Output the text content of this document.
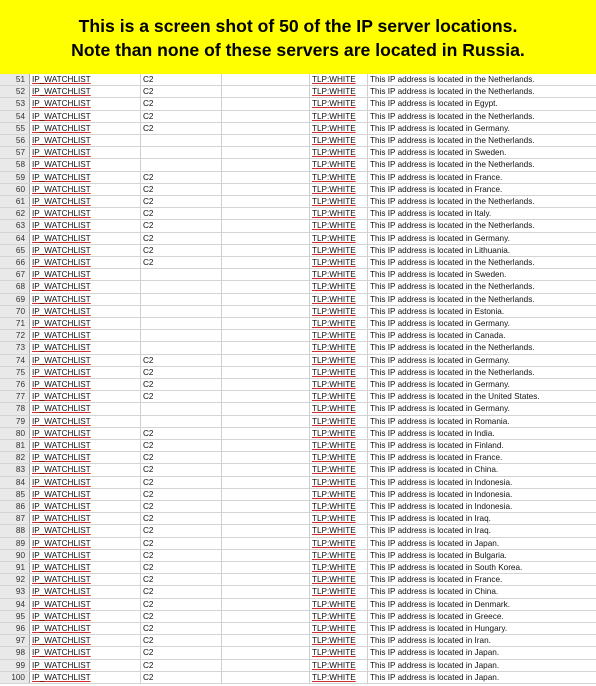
This is a screen shot of 50 of the IP server locations.
Note than none of these servers are located in Russia.
51 IP_WATCHLIST	C2	TLP:WHITE	This IP address is located in the Netherlands.
52 IP_WATCHLIST	C2	TLP:WHITE	This IP address is located in the Netherlands.
53 IP_WATCHLIST	C2	TLP:WHITE	This IP address is located in Egypt.
54 IP_WATCHLIST	C2	TLP:WHITE	This IP address is located in the Netherlands.
55 IP_WATCHLIST	C2	TLP:WHITE	This IP address is located in Germany.
56 IP_WATCHLIST	TLP:WHITE	This IP address is located in the Netherlands.
57 IP_WATCHLIST	TLP:WHITE	This IP address is located in Sweden.
58 IP_WATCHLIST	TLP:WHITE	This IP address is located in the Netherlands.
59 IP_WATCHLIST	C2	TLP:WHITE	This IP address is located in France.
60 IP_WATCHLIST	C2	TLP:WHITE	This IP address is located in France.
61 IP_WATCHLIST	C2	TLP:WHITE	This IP address is located in the Netherlands.
62 IP_WATCHLIST	C2	TLP:WHITE	This IP address is located in Italy.
63 IP_WATCHLIST	C2	TLP:WHITE	This IP address is located in the Netherlands.
64 IP_WATCHLIST	C2	TLP:WHITE	This IP address is located in Germany.
65 IP_WATCHLIST	C2	TLP:WHITE	This IP address is located in Lithuania.
66 IP_WATCHLIST	C2	TLP:WHITE	This IP address is located in the Netherlands.
67 IP_WATCHLIST	TLP:WHITE	This IP address is located in Sweden.
68 IP_WATCHLIST	TLP:WHITE	This IP address is located in the Netherlands.
69 IP_WATCHLIST	TLP:WHITE	This IP address is located in the Netherlands.
70 IP_WATCHLIST	TLP:WHITE	This IP address is located in Estonia.
71 IP_WATCHLIST	TLP:WHITE	This IP address is located in Germany.
72 IP_WATCHLIST	TLP:WHITE	This IP address is located in Canada.
73 IP_WATCHLIST	TLP:WHITE	This IP address is located in the Netherlands.
74 IP_WATCHLIST	C2	TLP:WHITE	This IP address is located in Germany.
75 IP_WATCHLIST	C2	TLP:WHITE	This IP address is located in the Netherlands.
76 IP_WATCHLIST	C2	TLP:WHITE	This IP address is located in Germany.
77 IP_WATCHLIST	C2	TLP:WHITE	This IP address is located in the United States.
78 IP_WATCHLIST	TLP:WHITE	This IP address is located in Germany.
79 IP_WATCHLIST	TLP:WHITE	This IP address is located in Romania.
80 IP_WATCHLIST	C2	TLP:WHITE	This IP address is located in India.
81 IP_WATCHLIST	C2	TLP:WHITE	This IP address is located in Finland.
82 IP_WATCHLIST	C2	TLP:WHITE	This IP address is located in France.
83 IP_WATCHLIST	C2	TLP:WHITE	This IP address is located in China.
84 IP_WATCHLIST	C2	TLP:WHITE	This IP address is located in Indonesia.
85 IP_WATCHLIST	C2	TLP:WHITE	This IP address is located in Indonesia.
86 IP_WATCHLIST	C2	TLP:WHITE	This IP address is located in Indonesia.
87 IP_WATCHLIST	C2	TLP:WHITE	This IP address is located in Iraq.
88 IP_WATCHLIST	C2	TLP:WHITE	This IP address is located in Iraq.
89 IP_WATCHLIST	C2	TLP:WHITE	This IP address is located in Japan.
90 IP_WATCHLIST	C2	TLP:WHITE	This IP address is located in Bulgaria.
91 IP_WATCHLIST	C2	TLP:WHITE	This IP address is located in South Korea.
92 IP_WATCHLIST	C2	TLP:WHITE	This IP address is located in France.
93 IP_WATCHLIST	C2	TLP:WHITE	This IP address is located in China.
94 IP_WATCHLIST	C2	TLP:WHITE	This IP address is located in Denmark.
95 IP_WATCHLIST	C2	TLP:WHITE	This IP address is located in Greece.
96 IP_WATCHLIST	C2	TLP:WHITE	This IP address is located in Hungary.
97 IP_WATCHLIST	C2	TLP:WHITE	This IP address is located in Iran.
98 IP_WATCHLIST	C2	TLP:WHITE	This IP address is located in Japan.
99 IP_WATCHLIST	C2	TLP:WHITE	This IP address is located in Japan.
100 IP_WATCHLIST	C2	TLP:WHITE	This IP address is located in Japan.
